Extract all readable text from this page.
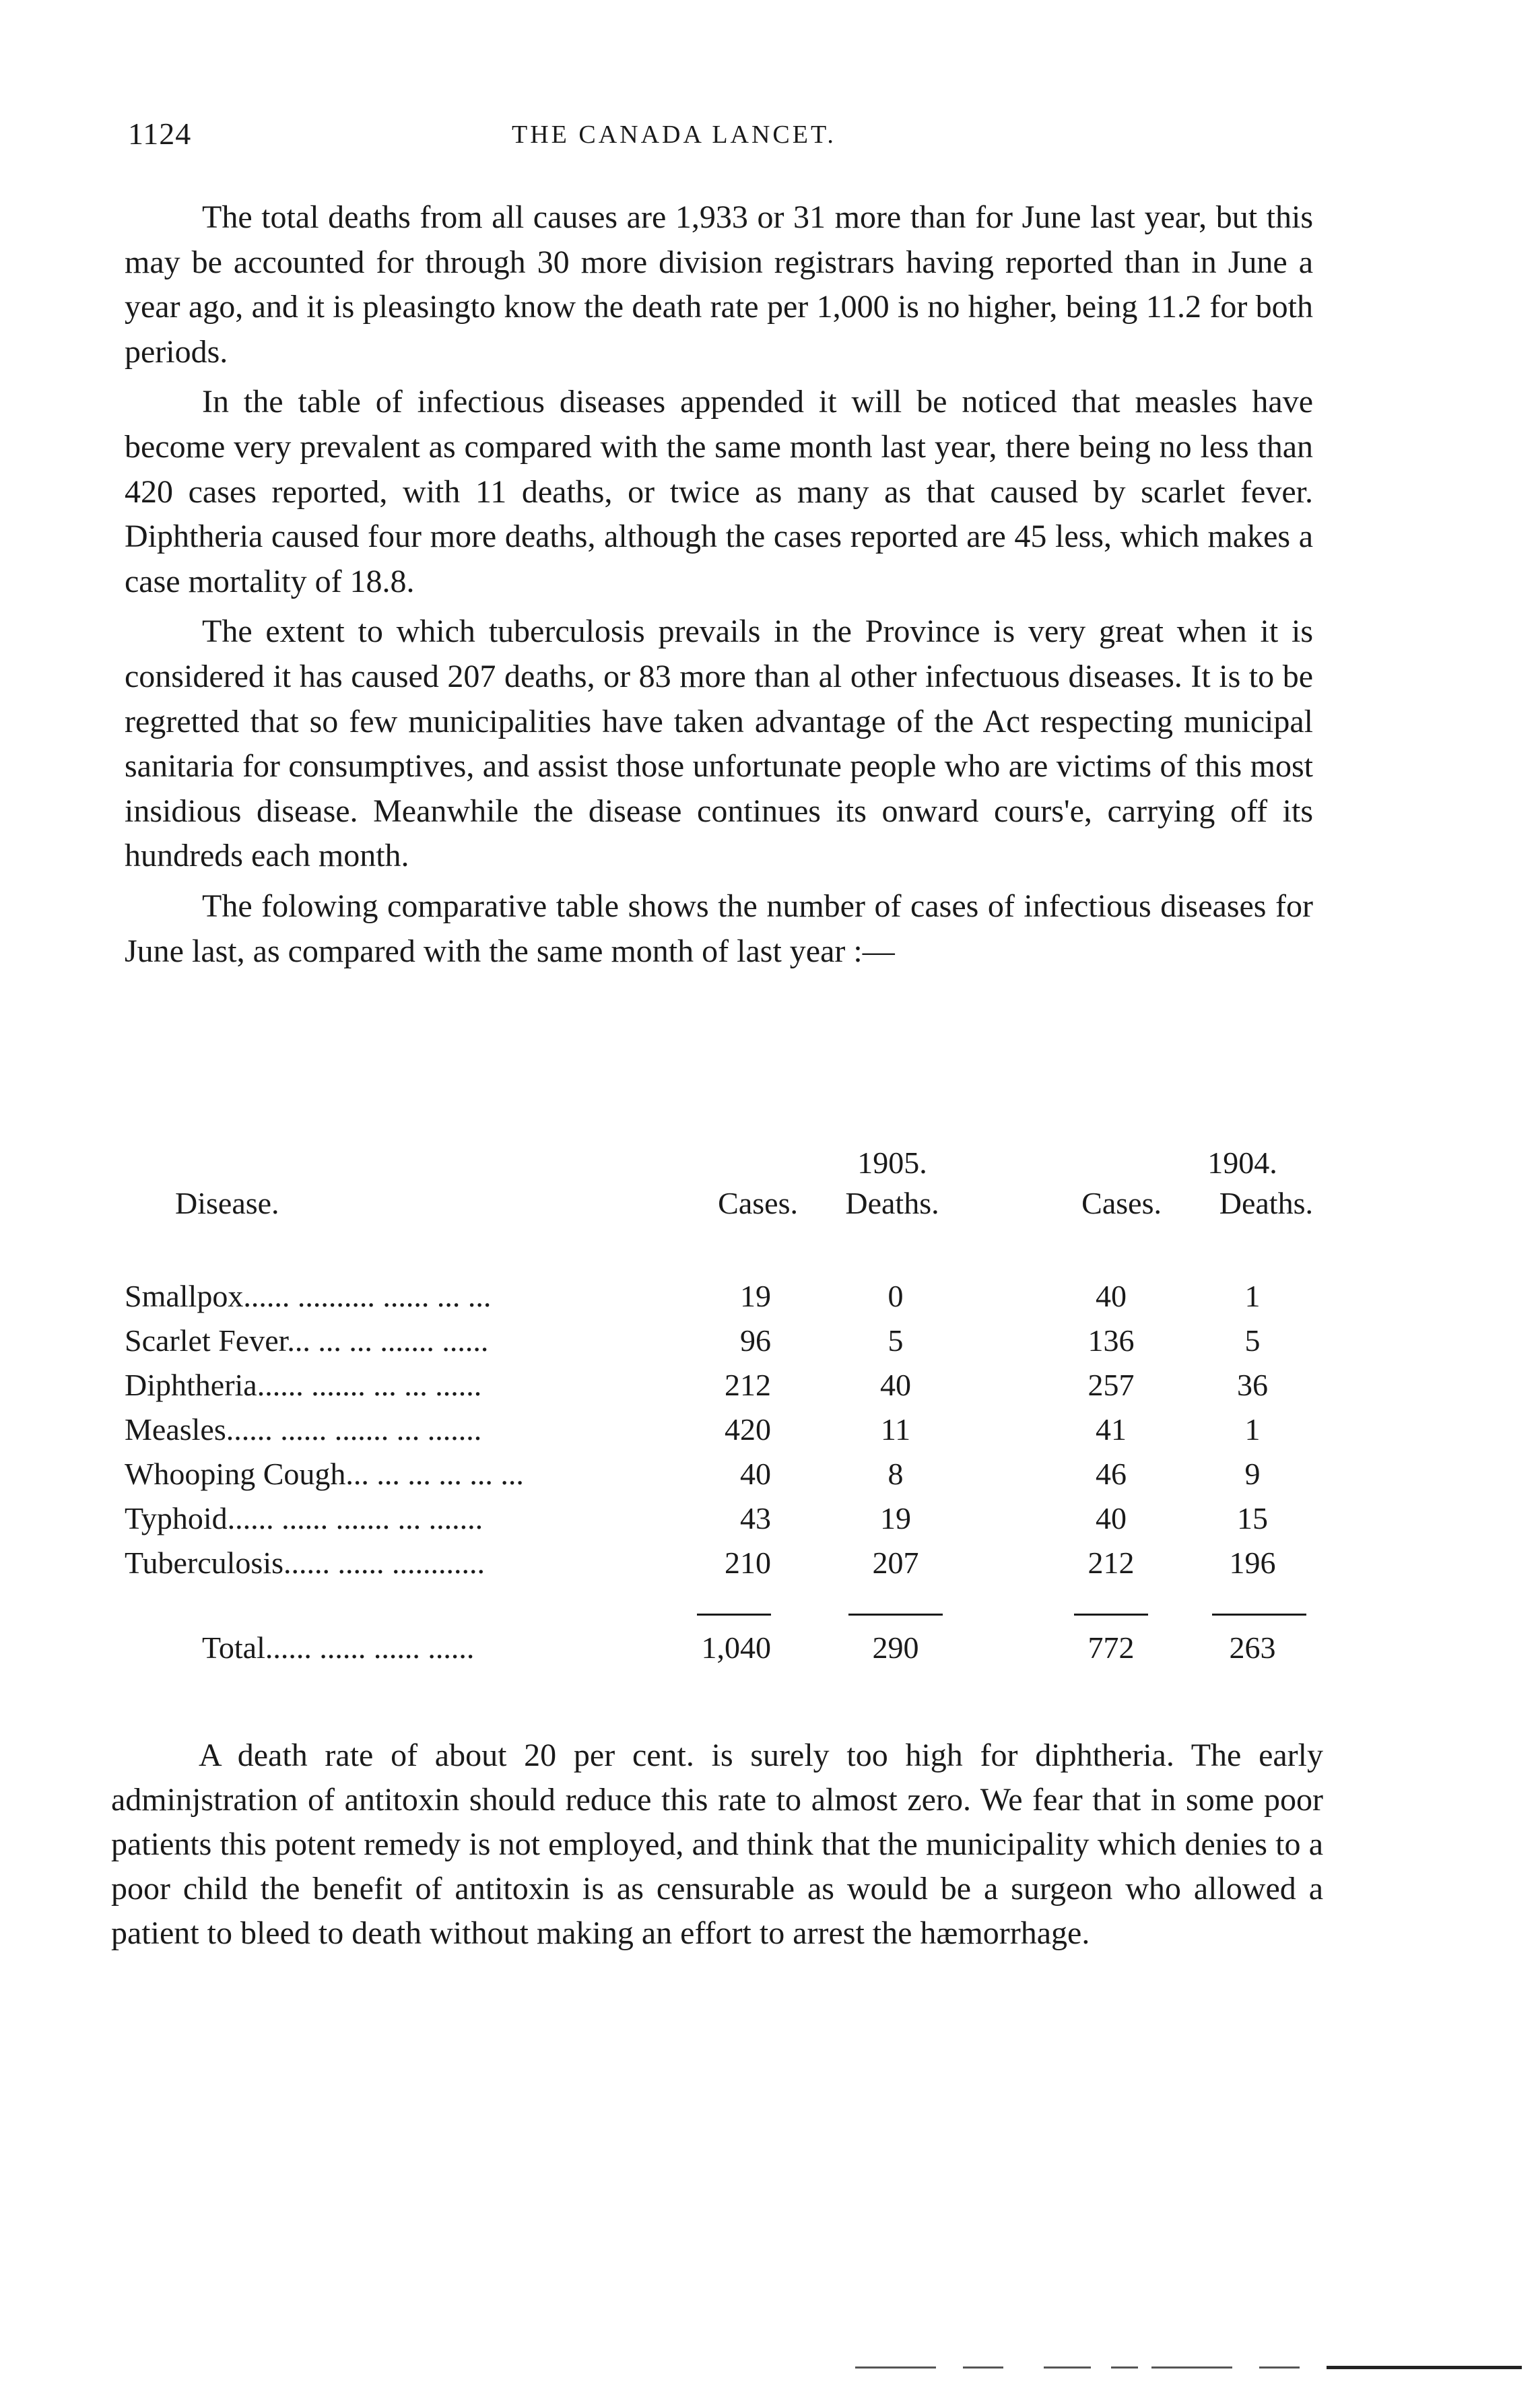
1124	THE CANADA LANCET.

The total deaths from all causes are 1,933 or 31 more than for June last year, but this may be accounted for through 30 more division registrars having reported than in June a year ago, and it is pleasingto know the death rate per 1,000 is no higher, being 11.2 for both periods.

In the table of infectious diseases appended it will be noticed that measles have become very prevalent as compared with the same month last year, there being no less than 420 cases reported, with 11 deaths, or twice as many as that caused by scarlet fever. Diphtheria caused four more deaths, although the cases reported are 45 less, which makes a case mortality of 18.8.

The extent to which tuberculosis prevails in the Province is very great when it is considered it has caused 207 deaths, or 83 more than al other infectuous diseases. It is to be regretted that so few municipalities have taken advantage of the Act respecting municipal sanitaria for consumptives, and assist those unfortunate people who are victims of this most insidious disease. Meanwhile the disease continues its onward cours'e, carrying off its hundreds each month.

The folowing comparative table shows the number of cases of infectious diseases for June last, as compared with the same month of last year :—

1905.	1904.
Disease.	Cases.	Deaths.	Cases.	Deaths.
Smallpox...... .......... ...... ... ...	19	0	40	1
Scarlet Fever... ... ... ....... ......	96	5	136	5
Diphtheria...... ....... ... ... ......	212	40	257	36
Measles...... ...... ....... ... .......	420	11	41	1
Whooping Cough... ... ... ... ... ...	40	8	46	9
Typhoid...... ...... ....... ... .......	43	19	40	15
Tuberculosis...... ...... ............	210	207	212	196
Total...... ...... ...... ......	1,040	290	772	263

A death rate of about 20 per cent. is surely too high for diphtheria. The early adminjstration of antitoxin should reduce this rate to almost zero. We fear that in some poor patients this potent remedy is not employed, and think that the municipality which denies to a poor child the benefit of antitoxin is as censurable as would be a surgeon who allowed a patient to bleed to death without making an effort to arrest the hæmorrhage.
